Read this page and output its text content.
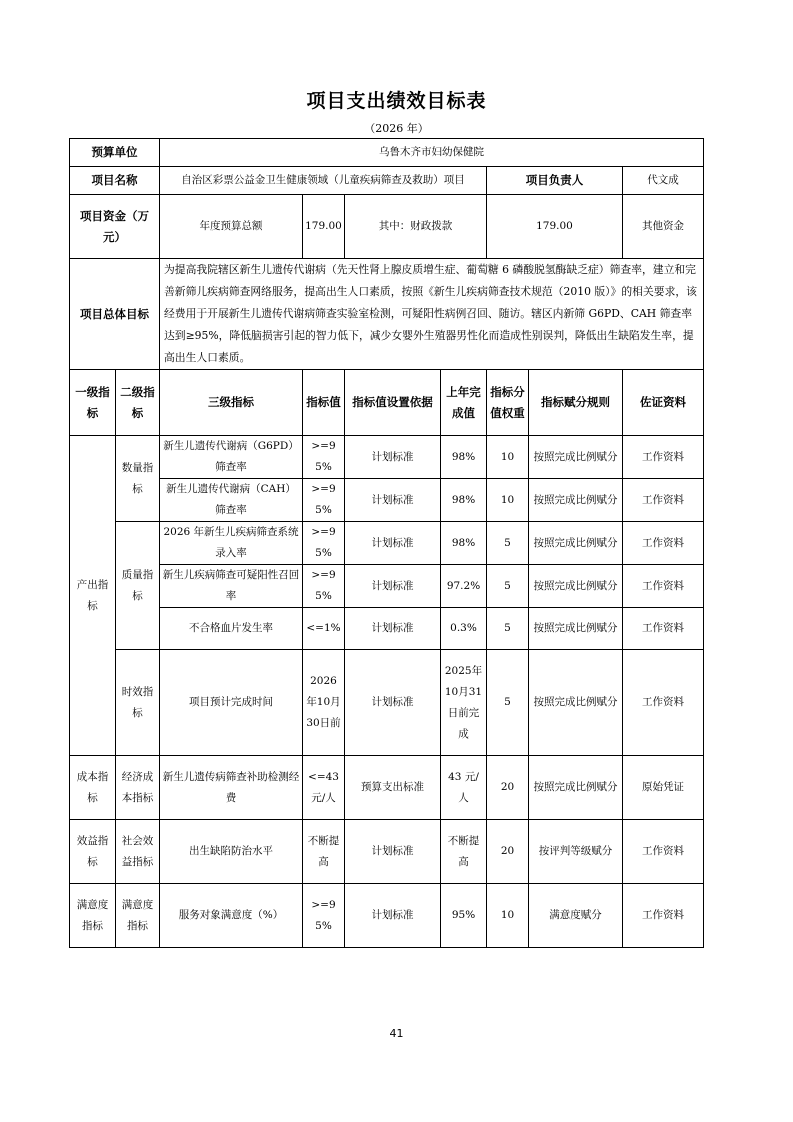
项目支出绩效目标表
（2026 年）
预算单位		乌鲁木齐市妇幼保健院							
项目名称		自治区彩票公益金卫生健康领域（儿童疾病筛查及救助）项目				项目负责人		代文成	
项目资金（万元）		年度预算总额	179.00	其中：财政拨款		179.00		其他资金	

项目总体目标		为提高我院辖区新生儿遗传代谢病（先天性肾上腺皮质增生症、葡萄糖 6 磷酸脱氢酶缺乏症）筛查率，建立和完善新筛儿疾病筛查网络服务，提高出生人口素质，按照《新生儿疾病筛查技术规范（2010 版）》的相关要求，该经费用于开展新生儿遗传代谢病筛查实验室检测，可疑阳性病例召回、随访。辖区内新筛 G6PD、CAH 筛查率达到≥95%，降低脑损害引起的智力低下，减少女婴外生殖器男性化而造成性别误判，降低出生缺陷发生率，提高出生人口素质。							
一级指标	二级指标	三级指标	指标值	指标值设置依据	上年完成值	指标分值权重	指标赋分规则	佐证资料	
产出指标	数量指标	新生儿遗传代谢病（G6PD）筛查率	>=95%	计划标准	98%	10	按照完成比例赋分	工作资料	
		新生儿遗传代谢病（CAH）筛查率	>=95%	计划标准	98%	10	按照完成比例赋分	工作资料	
	质量指标	2026 年新生儿疾病筛查系统录入率	>=95%	计划标准	98%	5	按照完成比例赋分	工作资料	
		新生儿疾病筛查可疑阳性召回率	>=95%	计划标准	97.2%	5	按照完成比例赋分	工作资料	
		不合格血片发生率	<=1%	计划标准	0.3%	5	按照完成比例赋分	工作资料	
	时效指标	项目预计完成时间	2026年10月30日前	计划标准	2025年10月31日前完成	5	按照完成比例赋分	工作资料	
成本指标	经济成本指标	新生儿遗传病筛查补助检测经费	<=43元/人	预算支出标准	43 元/人	20	按照完成比例赋分	原始凭证	
效益指标	社会效益指标	出生缺陷防治水平	不断提高	计划标准	不断提高	20	按评判等级赋分	工作资料	
满意度指标	满意度指标	服务对象满意度（%）	>=95%	计划标准	95%	10	满意度赋分	工作资料	
41
